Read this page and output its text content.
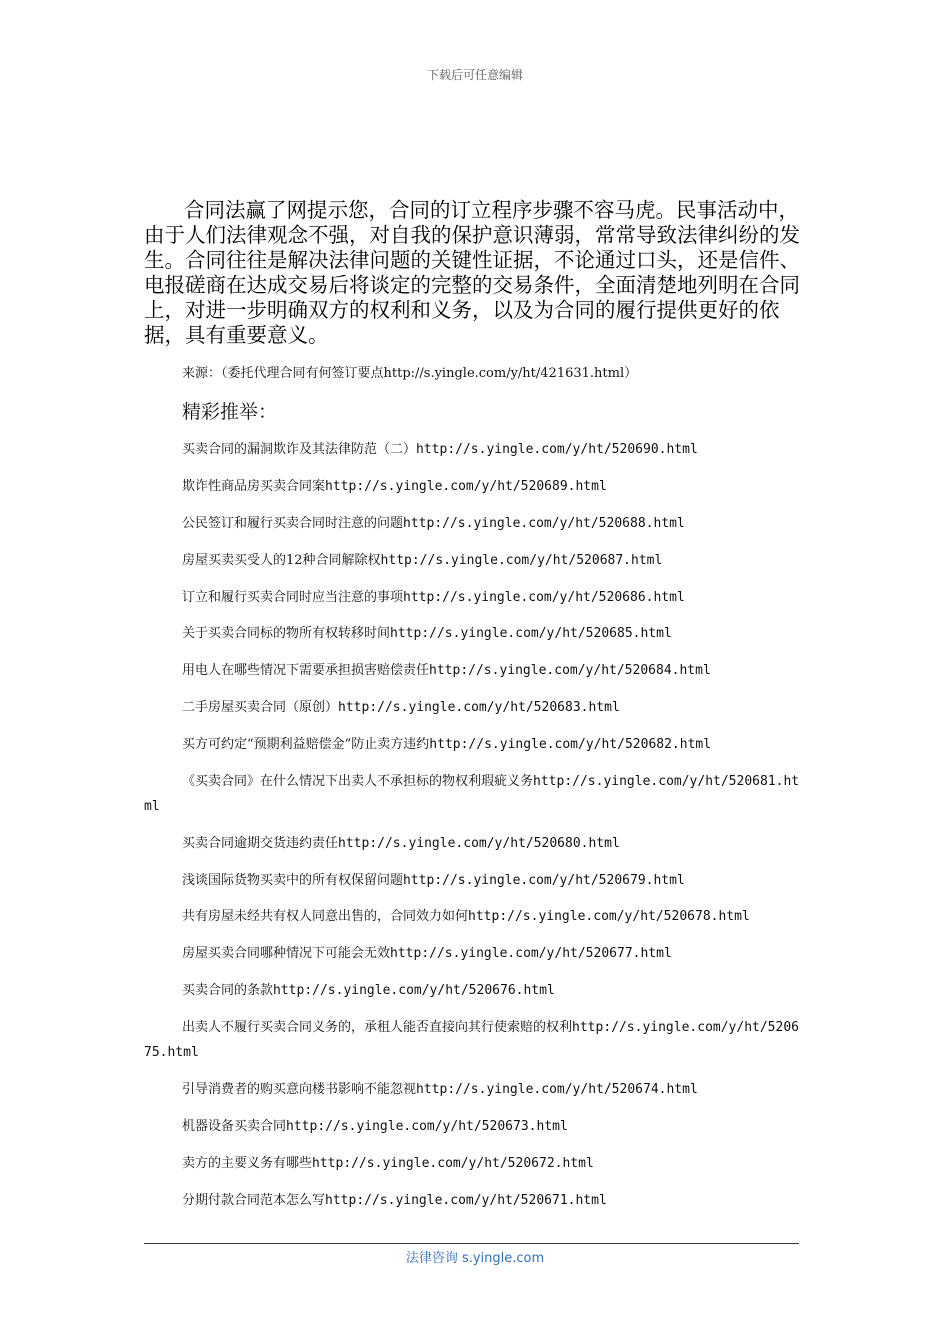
下载后可任意编辑

合同法赢了网提示您，合同的订立程序步骤不容马虎。民事活动中，由于人们法律观念不强，对自我的保护意识薄弱，常常导致法律纠纷的发生。合同往往是解决法律问题的关键性证据，不论通过口头，还是信件、电报磋商在达成交易后将谈定的完整的交易条件，全面清楚地列明在合同上，对进一步明确双方的权利和义务，以及为合同的履行提供更好的依据，具有重要意义。

来源：（委托代理合同有何签订要点http://s.yingle.com/y/ht/421631.html）

精彩推举：
买卖合同的漏洞欺诈及其法律防范（二）http://s.yingle.com/y/ht/520690.html
欺诈性商品房买卖合同案http://s.yingle.com/y/ht/520689.html
公民签订和履行买卖合同时注意的问题http://s.yingle.com/y/ht/520688.html
房屋买卖买受人的12种合同解除权http://s.yingle.com/y/ht/520687.html
订立和履行买卖合同时应当注意的事项http://s.yingle.com/y/ht/520686.html
关于买卖合同标的物所有权转移时间http://s.yingle.com/y/ht/520685.html
用电人在哪些情况下需要承担损害赔偿责任http://s.yingle.com/y/ht/520684.html
二手房屋买卖合同（原创）http://s.yingle.com/y/ht/520683.html
买方可约定“预期利益赔偿金”防止卖方违约http://s.yingle.com/y/ht/520682.html
《买卖合同》在什么情况下出卖人不承担标的物权利瑕疵义务http://s.yingle.com/y/ht/520681.html
买卖合同逾期交货违约责任http://s.yingle.com/y/ht/520680.html
浅谈国际货物买卖中的所有权保留问题http://s.yingle.com/y/ht/520679.html
共有房屋未经共有权人同意出售的，合同效力如何http://s.yingle.com/y/ht/520678.html
房屋买卖合同哪种情况下可能会无效http://s.yingle.com/y/ht/520677.html
买卖合同的条款http://s.yingle.com/y/ht/520676.html
出卖人不履行买卖合同义务的，承租人能否直接向其行使索赔的权利http://s.yingle.com/y/ht/520675.html
引导消费者的购买意向楼书影响不能忽视http://s.yingle.com/y/ht/520674.html
机器设备买卖合同http://s.yingle.com/y/ht/520673.html
卖方的主要义务有哪些http://s.yingle.com/y/ht/520672.html
分期付款合同范本怎么写http://s.yingle.com/y/ht/520671.html
法律咨询 s.yingle.com
